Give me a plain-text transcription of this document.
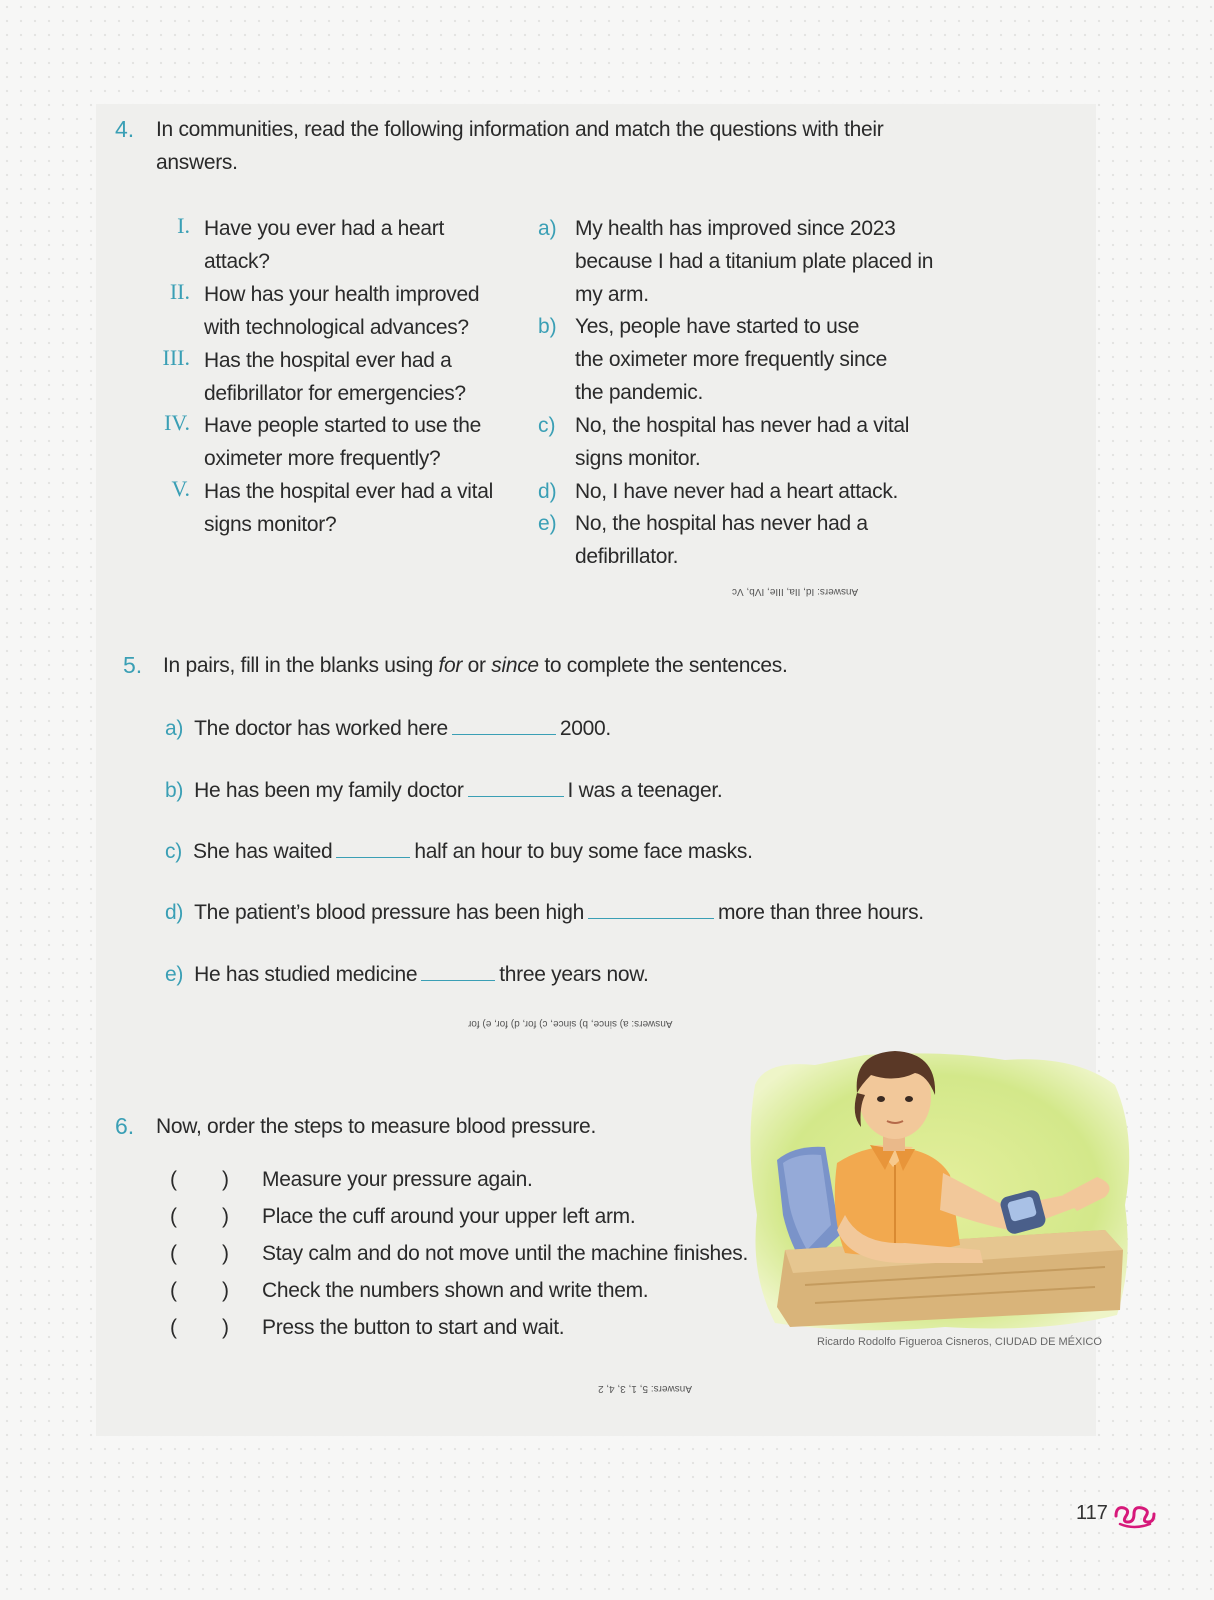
4. In communities, read the following information and match the questions with their
answers.
I. Have you ever had a heart
attack?
II. How has your health improved
with technological advances?
III. Has the hospital ever had a
defibrillator for emergencies?
IV. Have people started to use the
oximeter more frequently?
V. Has the hospital ever had a vital
signs monitor?
a) My health has improved since 2023
because I had a titanium plate placed in
my arm.
b) Yes, people have started to use
the oximeter more frequently since
the pandemic.
c) No, the hospital has never had a vital
signs monitor.
d) No, I have never had a heart attack.
e) No, the hospital has never had a
defibrillator.
Answers: Id, IIa, IIIe, IVb, Vc
5. In pairs, fill in the blanks using for or since to complete the sentences.
a) The doctor has worked here	2000.
b) He has been my family doctor	I was a teenager.
c) She has waited	half an hour to buy some face masks.
d) The patient’s blood pressure has been high	more than three hours.
e) He has studied medicine	three years now.
Answers: a) since, b) since, c) for, d) for, e) for
6. Now, order the steps to measure blood pressure.
( ) Measure your pressure again.
( ) Place the cuff around your upper left arm.
( ) Stay calm and do not move until the machine finishes.
( ) Check the numbers shown and write them.
( ) Press the button to start and wait.
Answers: 5, 1, 3, 4, 2
Ricardo Rodolfo Figueroa Cisneros, CIUDAD DE MÉXICO
117
